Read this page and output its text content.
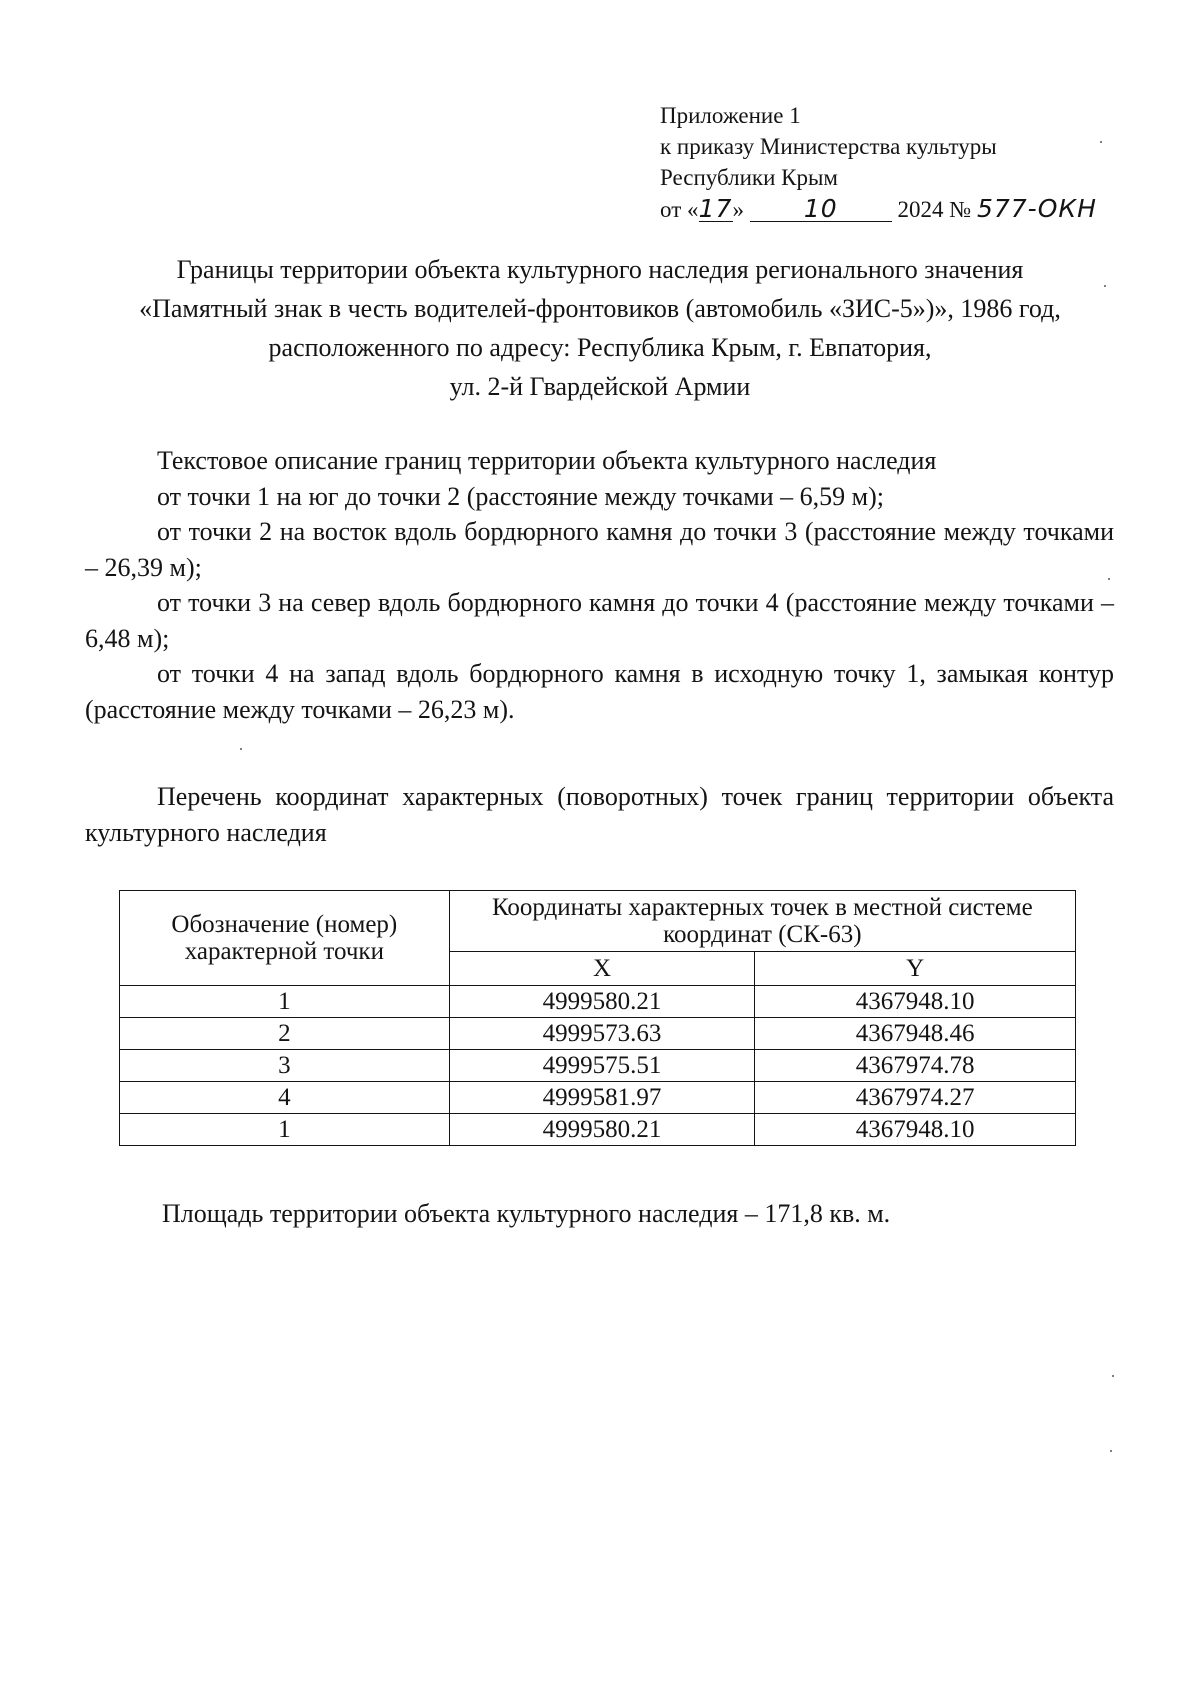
Приложение 1
к приказу Министерства культуры
Республики Крым
от «17» 10	2024 № 577-ОКН
Границы территории объекта культурного наследия регионального значения
«Памятный знак в честь водителей-фронтовиков (автомобиль «ЗИС-5»)», 1986 год,
расположенного по адресу: Республика Крым, г. Евпатория,
ул. 2-й Гвардейской Армии

Текстовое описание границ территории объекта культурного наследия

от точки 1 на юг до точки 2 (расстояние между точками – 6,59 м);

от точки 2 на восток вдоль бордюрного камня до точки 3 (расстояние между точками – 26,39 м);

от точки 3 на север вдоль бордюрного камня до точки 4 (расстояние между точками – 6,48 м);

от точки 4 на запад вдоль бордюрного камня в исходную точку 1, замыкая контур (расстояние между точками – 26,23 м).

Перечень координат характерных (поворотных) точек границ территории объекта культурного наследия

Обозначение (номер) характерной точки	Координаты характерных точек в местной системе координат (СК-63)	
	X	Y
1	4999580.21	4367948.10
2	4999573.63	4367948.46
3	4999575.51	4367974.78
4	4999581.97	4367974.27
1	4999580.21	4367948.10
Площадь территории объекта культурного наследия – 171,8 кв. м.
